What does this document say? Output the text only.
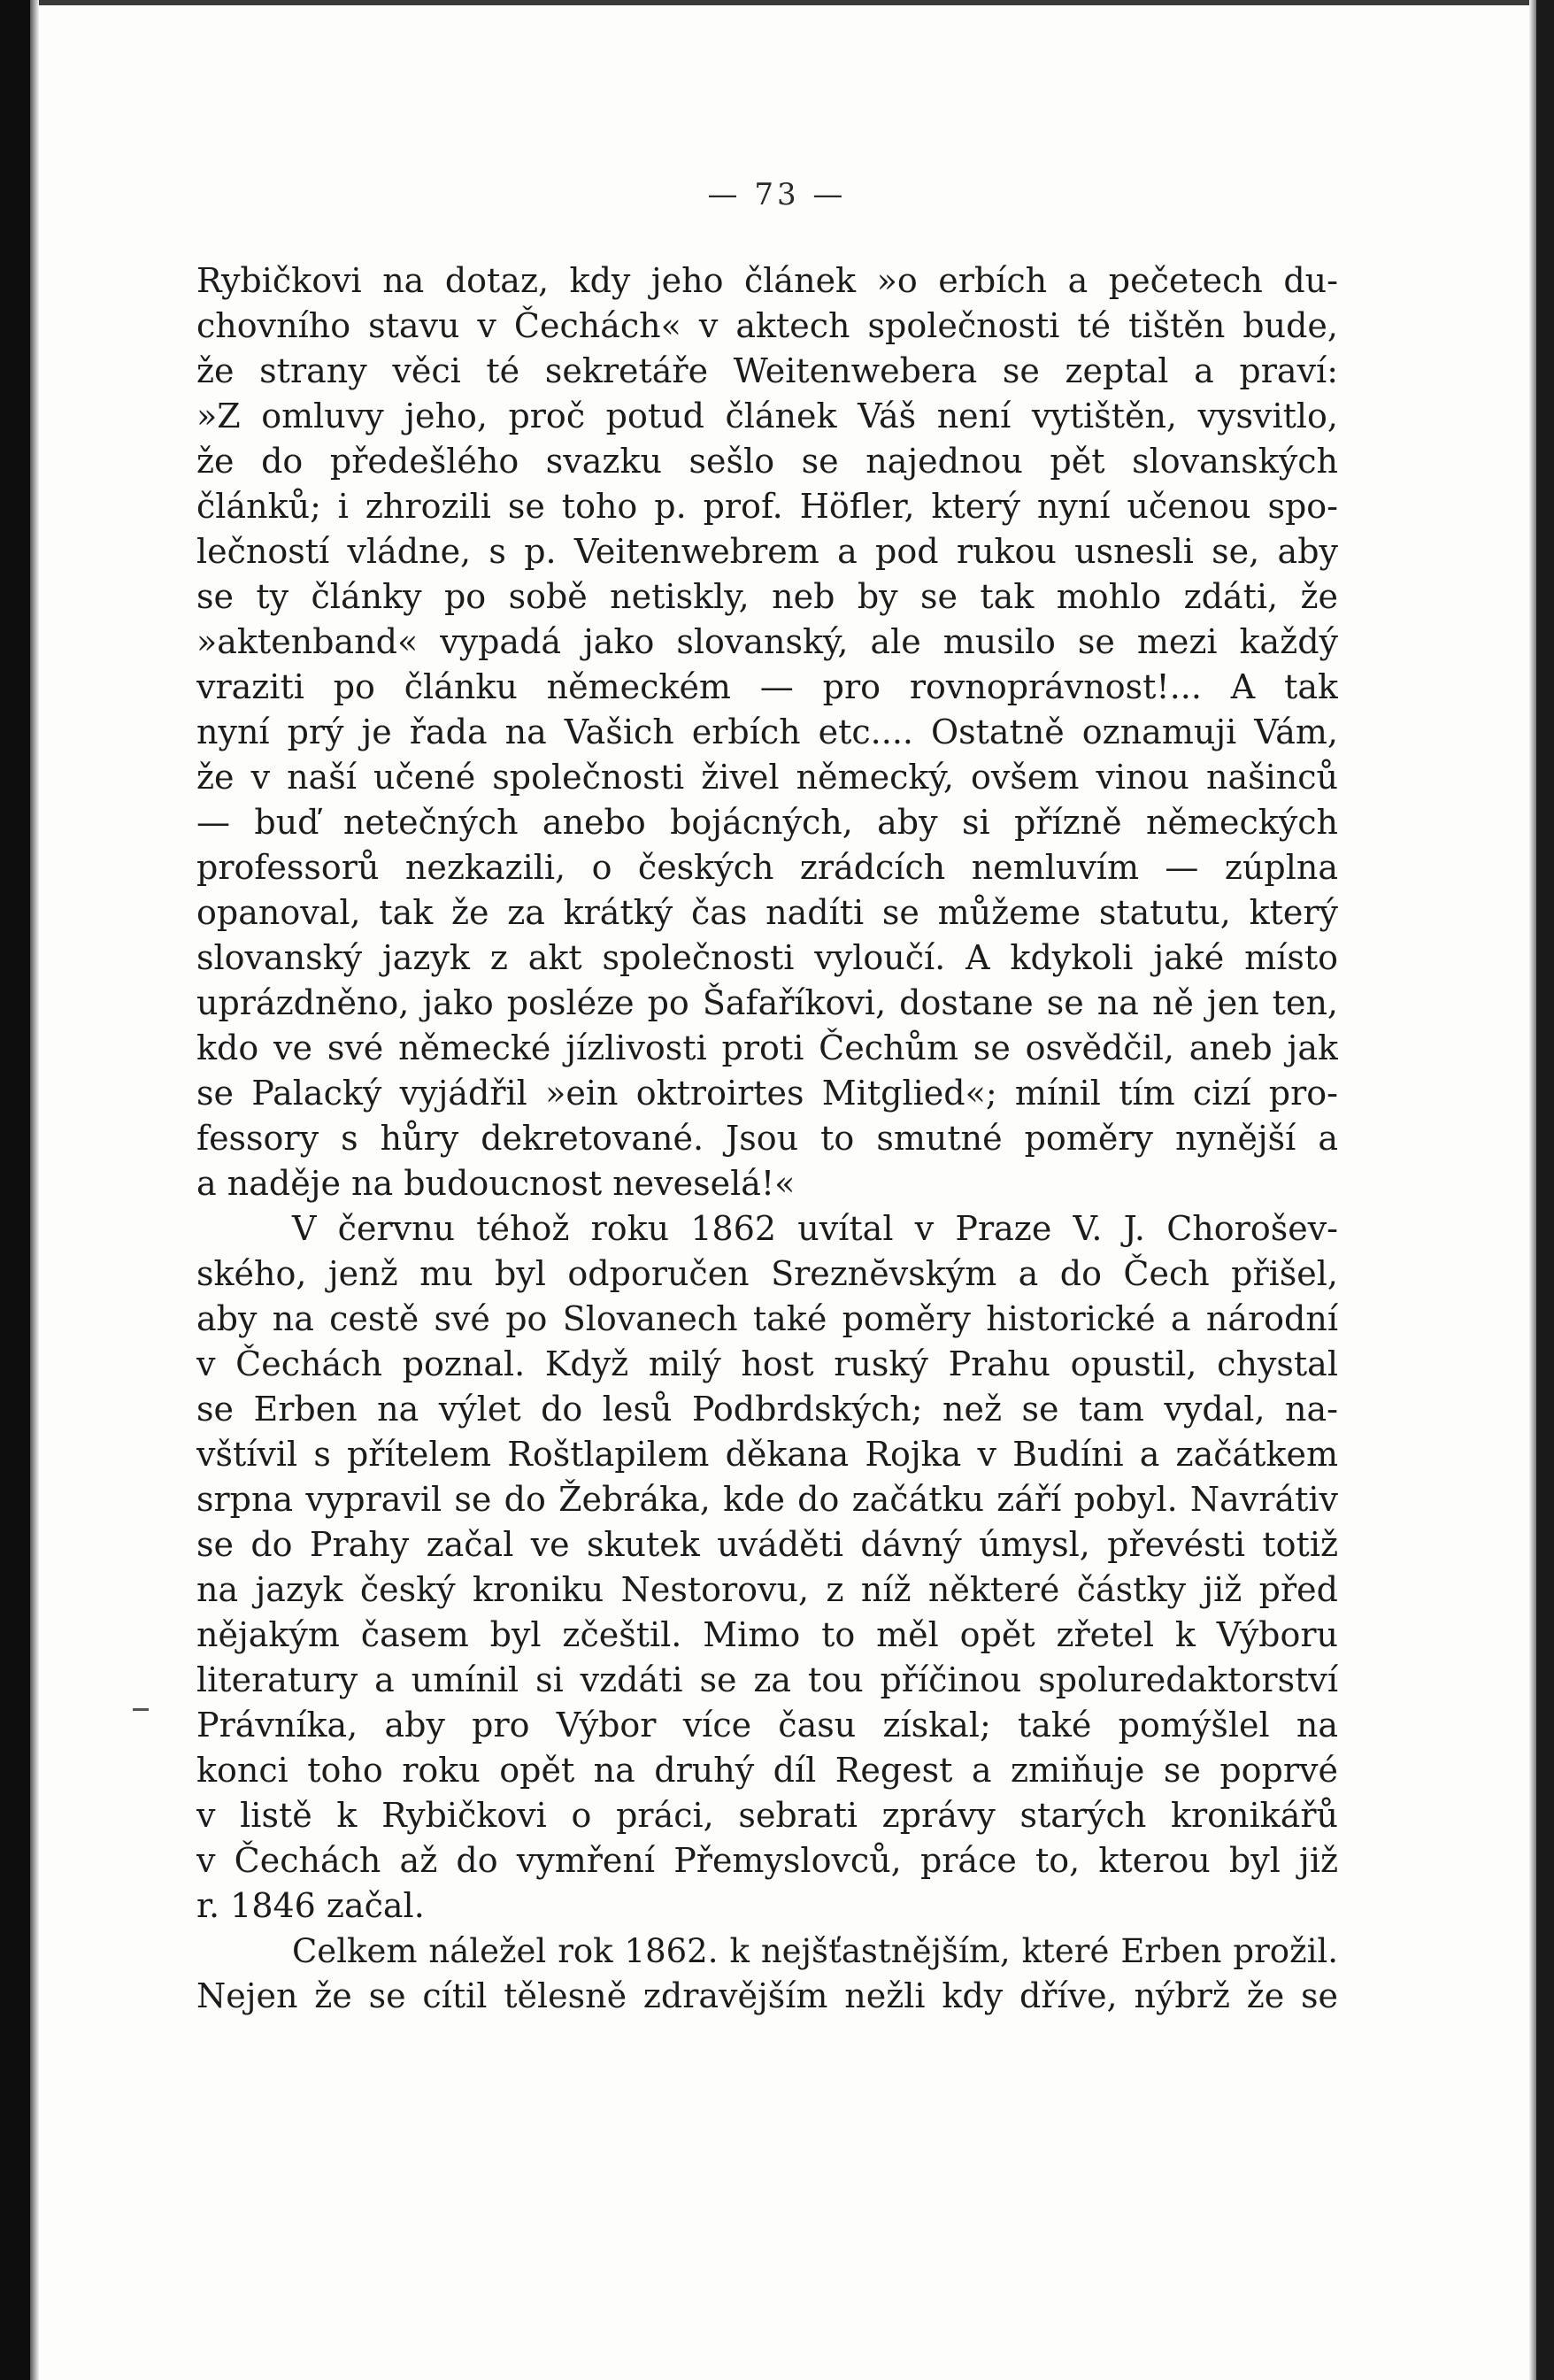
— 73 —
Rybičkovi na dotaz, kdy jeho článek »o erbích a pečetech du-
chovního stavu v Čechách« v aktech společnosti té tištěn bude,
že strany věci té sekretáře Weitenwebera se zeptal a praví:
»Z omluvy jeho, proč potud článek Váš není vytištěn, vysvitlo,
že do předešlého svazku sešlo se najednou pět slovanských
článků; i zhrozili se toho p. prof. Höfler, který nyní učenou spo-
lečností vládne, s p. Veitenwebrem a pod rukou usnesli se, aby
se ty články po sobě netiskly, neb by se tak mohlo zdáti, že
»aktenband« vypadá jako slovanský, ale musilo se mezi každý
vraziti po článku německém — pro rovnoprávnost!... A tak
nyní prý je řada na Vašich erbích etc.... Ostatně oznamuji Vám,
že v naší učené společnosti živel německý, ovšem vinou našinců
— buď netečných anebo bojácných, aby si přízně německých
professorů nezkazili, o českých zrádcích nemluvím — zúplna
opanoval, tak že za krátký čas nadíti se můžeme statutu, který
slovanský jazyk z akt společnosti vyloučí. A kdykoli jaké místo
uprázdněno, jako posléze po Šafaříkovi, dostane se na ně jen ten,
kdo ve své německé jízlivosti proti Čechům se osvědčil, aneb jak
se Palacký vyjádřil »ein oktroirtes Mitglied«; mínil tím cizí pro-
fessory s hůry dekretované. Jsou to smutné poměry nynější a
a naděje na budoucnost neveselá!«
V červnu téhož roku 1862 uvítal v Praze V. J. Chorošev-
ského, jenž mu byl odporučen Sreznĕvským a do Čech přišel,
aby na cestě své po Slovanech také poměry historické a národní
v Čechách poznal. Když milý host ruský Prahu opustil, chystal
se Erben na výlet do lesů Podbrdských; než se tam vydal, na-
vštívil s přítelem Roštlapilem děkana Rojka v Budíni a začátkem
srpna vypravil se do Žebráka, kde do začátku září pobyl. Navrátiv
se do Prahy začal ve skutek uváděti dávný úmysl, převésti totiž
na jazyk český kroniku Nestorovu, z níž některé částky již před
nějakým časem byl zčeštil. Mimo to měl opět zřetel k Výboru
literatury a umínil si vzdáti se za tou příčinou spoluredaktorství
Právníka, aby pro Výbor více času získal; také pomýšlel na
konci toho roku opět na druhý díl Regest a zmiňuje se poprvé
v listě k Rybičkovi o práci, sebrati zprávy starých kronikářů
v Čechách až do vymření Přemyslovců, práce to, kterou byl již
r. 1846 začal.
Celkem náležel rok 1862. k nejšťastnějším, které Erben prožil.
Nejen že se cítil tělesně zdravějším nežli kdy dříve, nýbrž že se
